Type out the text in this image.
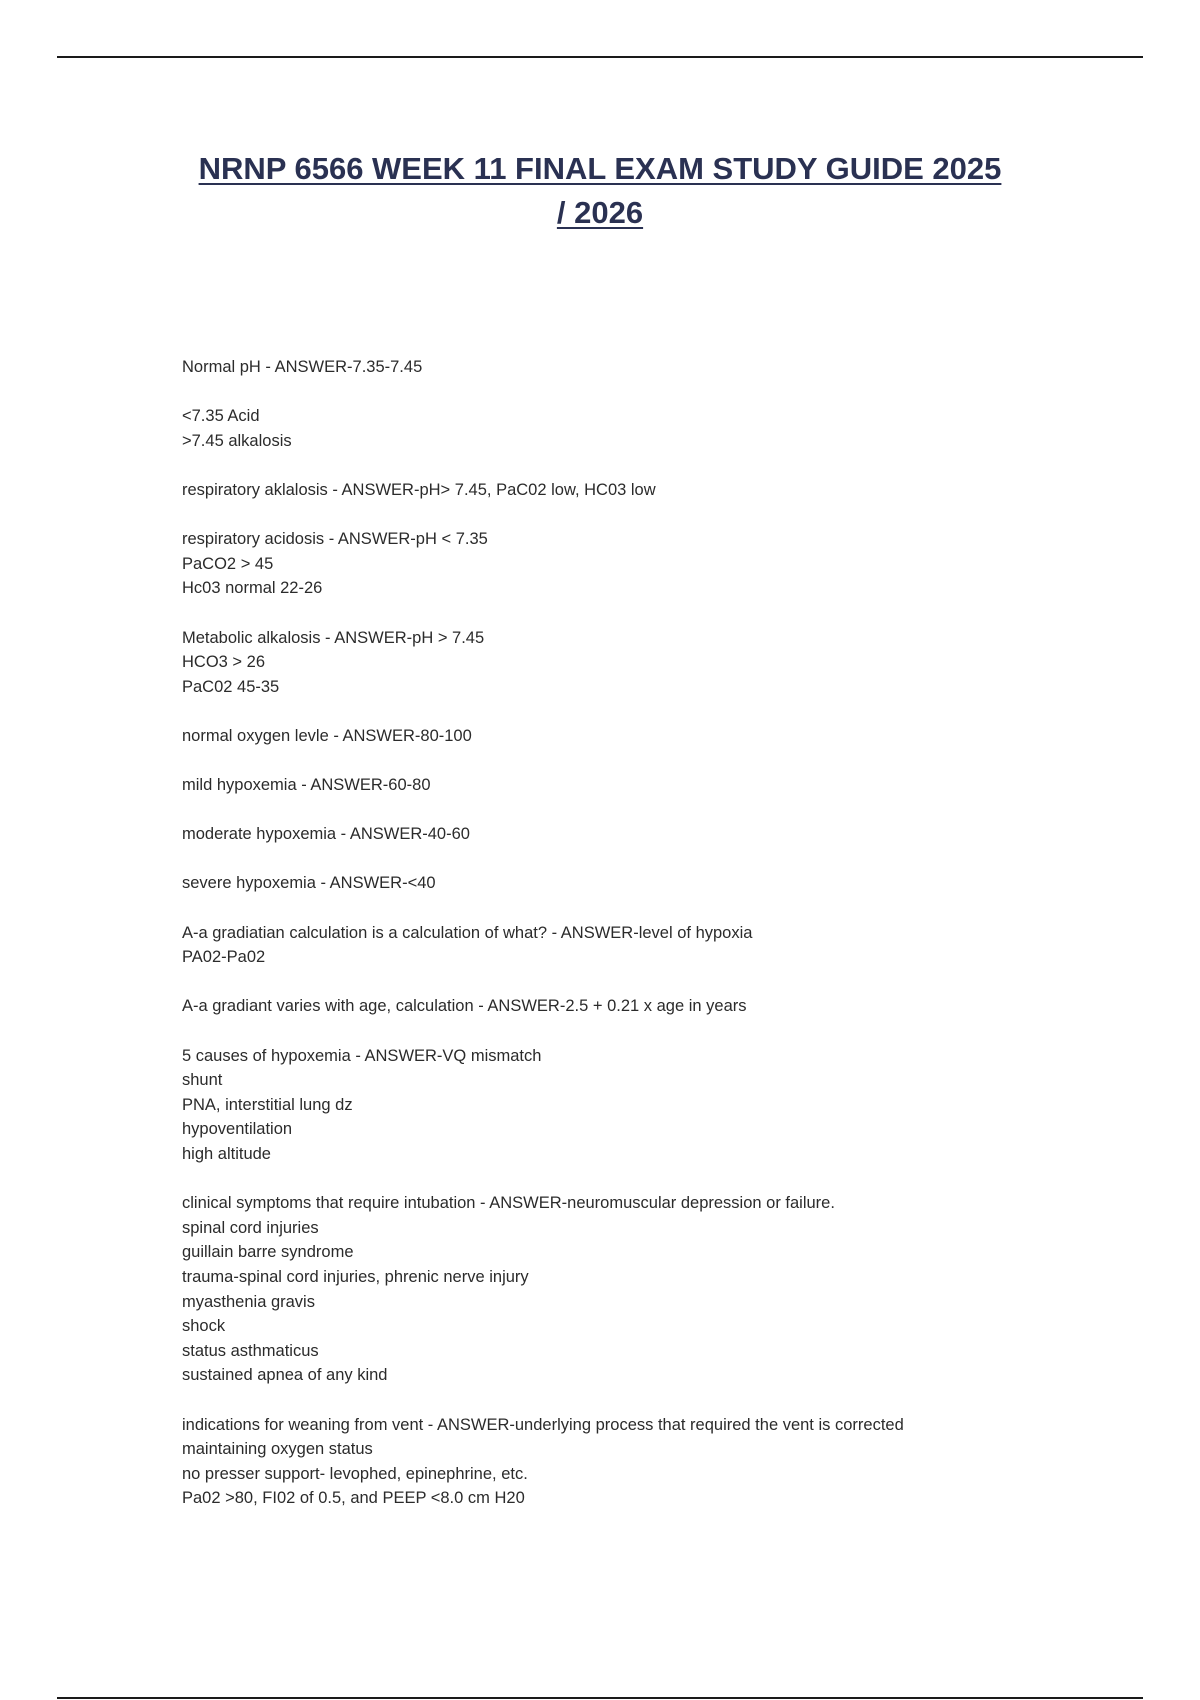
NRNP 6566 WEEK 11 FINAL EXAM STUDY GUIDE 2025
/ 2026
Normal pH - ANSWER-7.35-7.45
<7.35 Acid
>7.45 alkalosis
respiratory aklalosis - ANSWER-pH> 7.45, PaC02 low, HC03 low
respiratory acidosis - ANSWER-pH < 7.35
PaCO2 > 45
Hc03 normal 22-26
Metabolic alkalosis - ANSWER-pH > 7.45
HCO3 > 26
PaC02 45-35
normal oxygen levle - ANSWER-80-100
mild hypoxemia - ANSWER-60-80
moderate hypoxemia - ANSWER-40-60
severe hypoxemia - ANSWER-<40
A-a gradiatian calculation is a calculation of what? - ANSWER-level of hypoxia
PA02-Pa02
A-a gradiant varies with age, calculation - ANSWER-2.5 + 0.21 x age in years
5 causes of hypoxemia - ANSWER-VQ mismatch
shunt
PNA, interstitial lung dz
hypoventilation
high altitude
clinical symptoms that require intubation - ANSWER-neuromuscular depression or failure.
spinal cord injuries
guillain barre syndrome
trauma-spinal cord injuries, phrenic nerve injury
myasthenia gravis
shock
status asthmaticus
sustained apnea of any kind
indications for weaning from vent - ANSWER-underlying process that required the vent is corrected
maintaining oxygen status
no presser support- levophed, epinephrine, etc.
Pa02 >80, FI02 of 0.5, and PEEP <8.0 cm H20
